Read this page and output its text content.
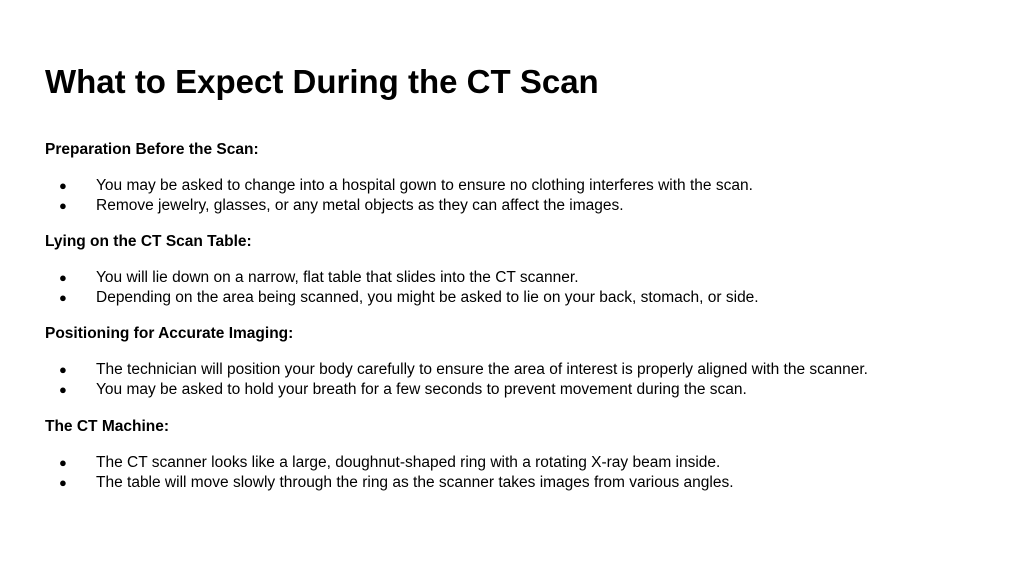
What to Expect During the CT Scan
Preparation Before the Scan:
● You may be asked to change into a hospital gown to ensure no clothing interferes with the scan.
● Remove jewelry, glasses, or any metal objects as they can affect the images.
Lying on the CT Scan Table:
● You will lie down on a narrow, flat table that slides into the CT scanner.
● Depending on the area being scanned, you might be asked to lie on your back, stomach, or side.
Positioning for Accurate Imaging:
● The technician will position your body carefully to ensure the area of interest is properly aligned with the scanner.
● You may be asked to hold your breath for a few seconds to prevent movement during the scan.
The CT Machine:
● The CT scanner looks like a large, doughnut-shaped ring with a rotating X-ray beam inside.
● The table will move slowly through the ring as the scanner takes images from various angles.
